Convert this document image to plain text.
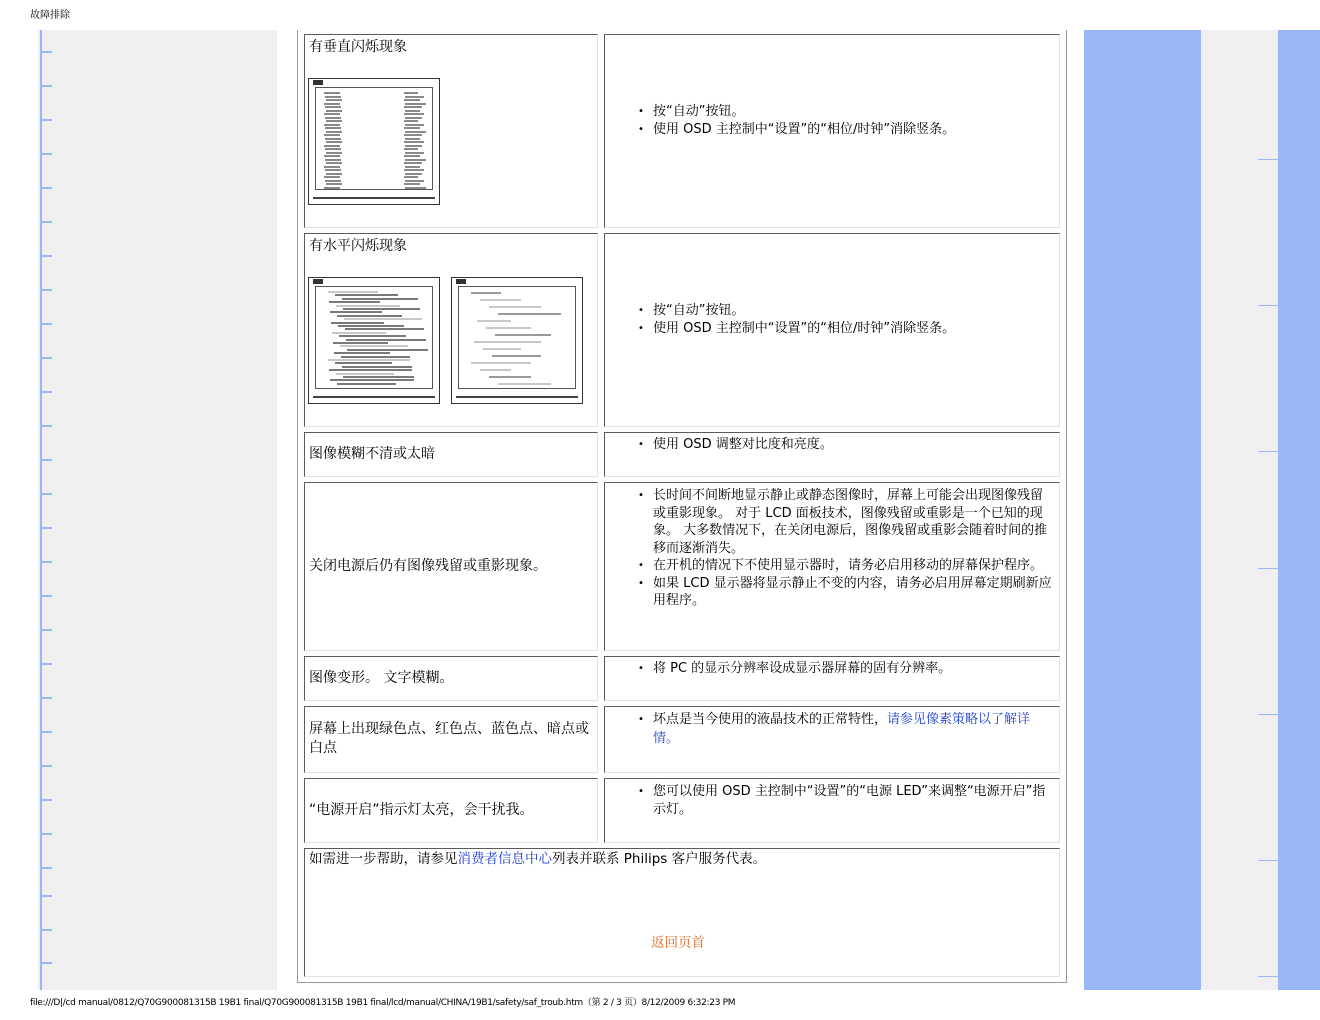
故障排除
有垂直闪烁现象
• 按“自动”按钮。
• 使用 OSD 主控制中“设置”的“相位/时钟”消除竖条。
有水平闪烁现象
• 按“自动”按钮。
• 使用 OSD 主控制中“设置”的“相位/时钟”消除竖条。
图像模糊不清或太暗
• 使用 OSD 调整对比度和亮度。
关闭电源后仍有图像残留或重影现象。
• 长时间不间断地显示静止或静态图像时，屏幕上可能会出现图像残留或重影现象。 对于 LCD 面板技术，图像残留或重影是一个已知的现象。 大多数情况下，在关闭电源后，图像残留或重影会随着时间的推移而逐渐消失。
• 在开机的情况下不使用显示器时，请务必启用移动的屏幕保护程序。
• 如果 LCD 显示器将显示静止不变的内容，请务必启用屏幕定期刷新应用程序。
图像变形。 文字模糊。
• 将 PC 的显示分辨率设成显示器屏幕的固有分辨率。
屏幕上出现绿色点、红色点、蓝色点、暗点或白点
• 坏点是当今使用的液晶技术的正常特性，请参见像素策略以了解详情。
“电源开启”指示灯太亮，会干扰我。
• 您可以使用 OSD 主控制中“设置”的“电源 LED”来调整“电源开启”指示灯。
如需进一步帮助，请参见消费者信息中心列表并联系 Philips 客户服务代表。
返回页首
file:///D|/cd manual/0812/Q70G900081315B 19B1 final/Q70G900081315B 19B1 final/lcd/manual/CHINA/19B1/safety/saf_troub.htm（第 2 / 3 页）8/12/2009 6:32:23 PM
